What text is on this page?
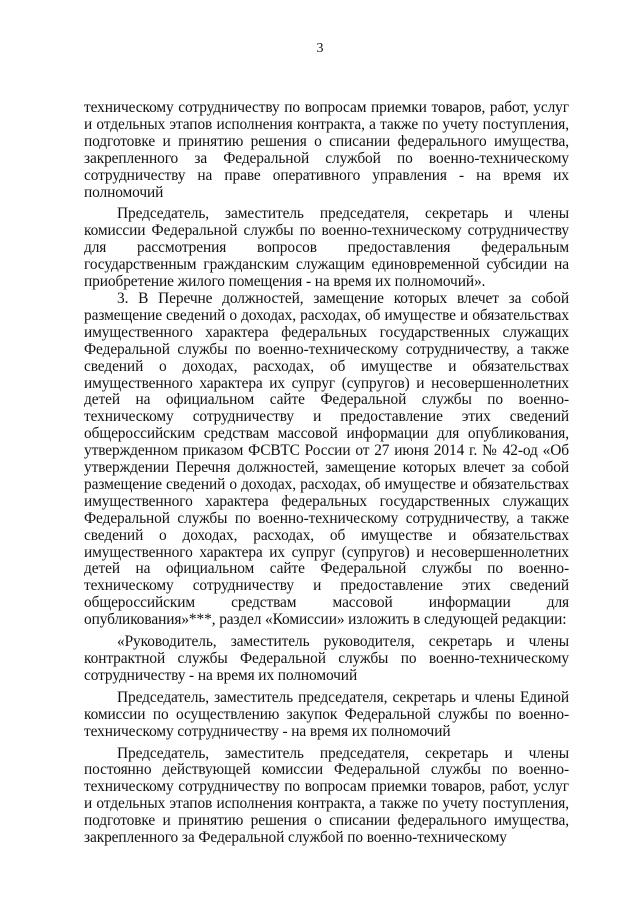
3

техническому сотрудничеству по вопросам приемки товаров, работ, услуг и отдельных этапов исполнения контракта, а также по учету поступления, подготовке и принятию решения о списании федерального имущества, закрепленного за Федеральной службой по военно-техническому сотрудничеству на праве оперативного управления - на время их полномочий

Председатель, заместитель председателя, секретарь и члены комиссии Федеральной службы по военно-техническому сотрудничеству для рассмотрения вопросов предоставления федеральным государственным гражданским служащим единовременной субсидии на приобретение жилого помещения - на время их полномочий».

3. В Перечне должностей, замещение которых влечет за собой размещение сведений о доходах, расходах, об имуществе и обязательствах имущественного характера федеральных государственных служащих Федеральной службы по военно-техническому сотрудничеству, а также сведений о доходах, расходах, об имуществе и обязательствах имущественного характера их супруг (супругов) и несовершеннолетних детей на официальном сайте Федеральной службы по военно-техническому сотрудничеству и предоставление этих сведений общероссийским средствам массовой информации для опубликования, утвержденном приказом ФСВТС России от 27 июня 2014 г. № 42-од «Об утверждении Перечня должностей, замещение которых влечет за собой размещение сведений о доходах, расходах, об имуществе и обязательствах имущественного характера федеральных государственных служащих Федеральной службы по военно-техническому сотрудничеству, а также сведений о доходах, расходах, об имуществе и обязательствах имущественного характера их супруг (супругов) и несовершеннолетних детей на официальном сайте Федеральной службы по военно-техническому сотрудничеству и предоставление этих сведений общероссийским средствам массовой информации для опубликования»***, раздел «Комиссии» изложить в следующей редакции:

«Руководитель, заместитель руководителя, секретарь и члены контрактной службы Федеральной службы по военно-техническому сотрудничеству - на время их полномочий

Председатель, заместитель председателя, секретарь и члены Единой комиссии по осуществлению закупок Федеральной службы по военно-техническому сотрудничеству - на время их полномочий

Председатель, заместитель председателя, секретарь и члены постоянно действующей комиссии Федеральной службы по военно-техническому сотрудничеству по вопросам приемки товаров, работ, услуг и отдельных этапов исполнения контракта, а также по учету поступления, подготовке и принятию решения о списании федерального имущества, закрепленного за Федеральной службой по военно-техническому
